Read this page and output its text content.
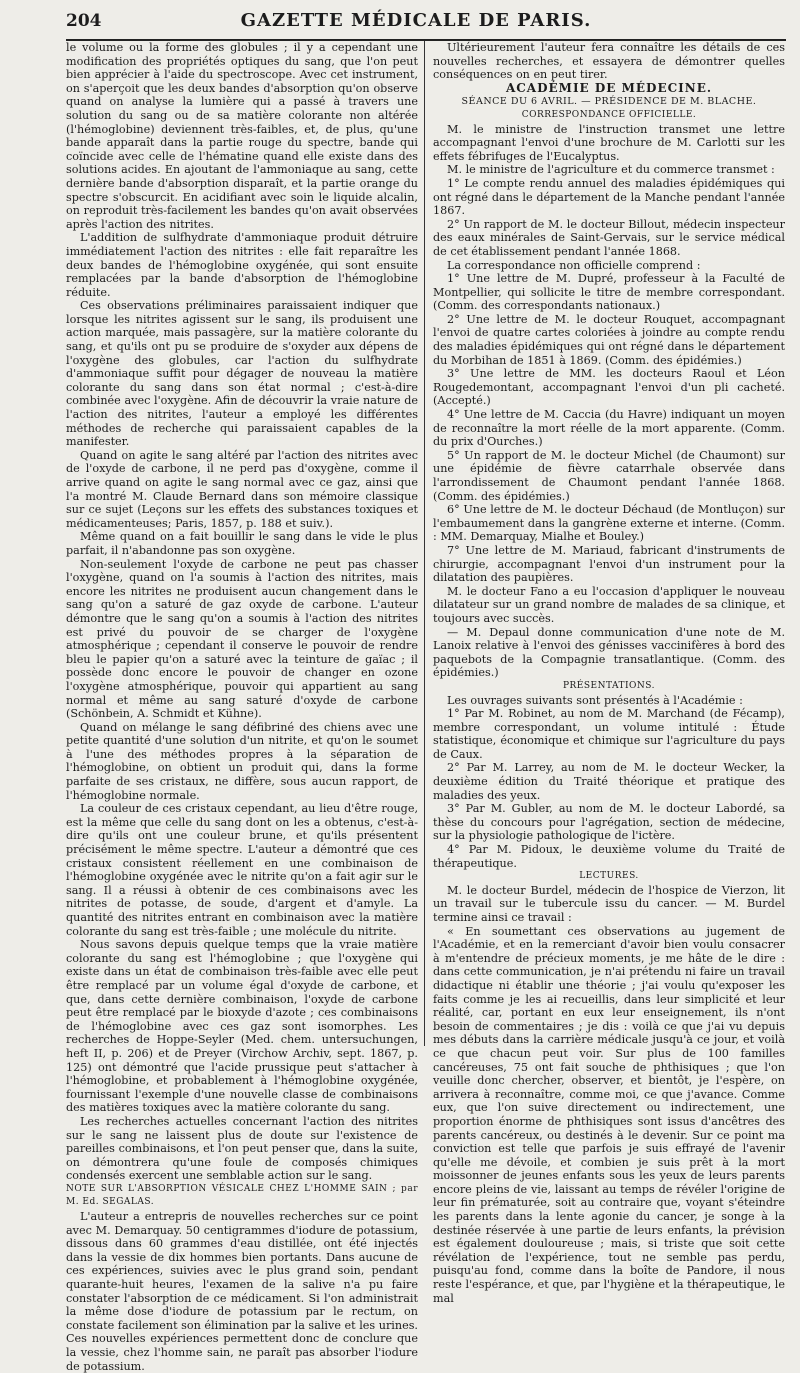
204	GAZETTE MÉDICALE DE PARIS.

le volume ou la forme des globules ; il y a cependant une modification des propriétés optiques du sang, que l'on peut bien apprécier à l'aide du spectroscope. Avec cet instrument, on s'aperçoit que les deux bandes d'absorption qu'on observe quand on analyse la lumière qui a passé à travers une solution du sang ou de sa matière colorante non altérée (l'hémoglobine) deviennent très-faibles, et, de plus, qu'une bande apparaît dans la partie rouge du spectre, bande qui coïncide avec celle de l'hématine quand elle existe dans des solutions acides. En ajoutant de l'ammoniaque au sang, cette dernière bande d'absorption disparaît, et la partie orange du spectre s'obscurcit. En acidifiant avec soin le liquide alcalin, on reproduit très-facilement les bandes qu'on avait observées après l'action des nitrites.

L'addition de sulfhydrate d'ammoniaque produit détruire immédiatement l'action des nitrites : elle fait reparaître les deux bandes de l'hémoglobine oxygénée, qui sont ensuite remplacées par la bande d'absorption de l'hémoglobine réduite.

Ces observations préliminaires paraissaient indiquer que lorsque les nitrites agissent sur le sang, ils produisent une action marquée, mais passagère, sur la matière colorante du sang, et qu'ils ont pu se produire de s'oxyder aux dépens de l'oxygène des globules, car l'action du sulfhydrate d'ammoniaque suffit pour dégager de nouveau la matière colorante du sang dans son état normal ; c'est-à-dire combinée avec l'oxygène. Afin de découvrir la vraie nature de l'action des nitrites, l'auteur a employé les différentes méthodes de recherche qui paraissaient capables de la manifester.

Quand on agite le sang altéré par l'action des nitrites avec de l'oxyde de carbone, il ne perd pas d'oxygène, comme il arrive quand on agite le sang normal avec ce gaz, ainsi que l'a montré M. Claude Bernard dans son mémoire classique sur ce sujet (Leçons sur les effets des substances toxiques et médicamenteuses; Paris, 1857, p. 188 et suiv.).

Même quand on a fait bouillir le sang dans le vide le plus parfait, il n'abandonne pas son oxygène.

Non-seulement l'oxyde de carbone ne peut pas chasser l'oxygène, quand on l'a soumis à l'action des nitrites, mais encore les nitrites ne produisent aucun changement dans le sang qu'on a saturé de gaz oxyde de carbone. L'auteur démontre que le sang qu'on a soumis à l'action des nitrites est privé du pouvoir de se charger de l'oxygène atmosphérique ; cependant il conserve le pouvoir de rendre bleu le papier qu'on a saturé avec la teinture de gaïac ; il possède donc encore le pouvoir de changer en ozone l'oxygène atmosphérique, pouvoir qui appartient au sang normal et même au sang saturé d'oxyde de carbone (Schönbein, A. Schmidt et Kühne).

Quand on mélange le sang défibriné des chiens avec une petite quantité d'une solution d'un nitrite, et qu'on le soumet à l'une des méthodes propres à la séparation de l'hémoglobine, on obtient un produit qui, dans la forme parfaite de ses cristaux, ne diffère, sous aucun rapport, de l'hémoglobine normale.

La couleur de ces cristaux cependant, au lieu d'être rouge, est la même que celle du sang dont on les a obtenus, c'est-à-dire qu'ils ont une couleur brune, et qu'ils présentent précisément le même spectre. L'auteur a démontré que ces cristaux consistent réellement en une combinaison de l'hémoglobine oxygénée avec le nitrite qu'on a fait agir sur le sang. Il a réussi à obtenir de ces combinaisons avec les nitrites de potasse, de soude, d'argent et d'amyle. La quantité des nitrites entrant en combinaison avec la matière colorante du sang est très-faible ; une molécule du nitrite.

Nous savons depuis quelque temps que la vraie matière colorante du sang est l'hémoglobine ; que l'oxygène qui existe dans un état de combinaison très-faible avec elle peut être remplacé par un volume égal d'oxyde de carbone, et que, dans cette dernière combinaison, l'oxyde de carbone peut être remplacé par le bioxyde d'azote ; ces combinaisons de l'hémoglobine avec ces gaz sont isomorphes. Les recherches de Hoppe-Seyler (Med. chem. untersuchungen, heft II, p. 206) et de Preyer (Virchow Archiv, sept. 1867, p. 125) ont démontré que l'acide prussique peut s'attacher à l'hémoglobine, et probablement à l'hémoglobine oxygénée, fournissant l'exemple d'une nouvelle classe de combinaisons des matières toxiques avec la matière colorante du sang.

Les recherches actuelles concernant l'action des nitrites sur le sang ne laissent plus de doute sur l'existence de pareilles combinaisons, et l'on peut penser que, dans la suite, on démontrera qu'une foule de composés chimiques condensés exercent une semblable action sur le sang.

NOTE SUR L'ABSORPTION VÉSICALE CHEZ L'HOMME SAIN ; par M. Ed. SEGALAS.

L'auteur a entrepris de nouvelles recherches sur ce point avec M. Demarquay. 50 centigrammes d'iodure de potassium, dissous dans 60 grammes d'eau distillée, ont été injectés dans la vessie de dix hommes bien portants. Dans aucune de ces expériences, suivies avec le plus grand soin, pendant quarante-huit heures, l'examen de la salive n'a pu faire constater l'absorption de ce médicament. Si l'on administrait la même dose d'iodure de potassium par le rectum, on constate facilement son élimination par la salive et les urines. Ces nouvelles expériences permettent donc de conclure que la vessie, chez l'homme sain, ne paraît pas absorber l'iodure de potassium.

Ultérieurement l'auteur fera connaître les détails de ces nouvelles recherches, et essayera de démontrer quelles conséquences on en peut tirer.

ACADÉMIE DE MÉDECINE.

SÉANCE DU 6 AVRIL. — PRÉSIDENCE DE M. BLACHE.

CORRESPONDANCE OFFICIELLE.

M. le ministre de l'instruction transmet une lettre accompagnant l'envoi d'une brochure de M. Carlotti sur les effets fébrifuges de l'Eucalyptus.

M. le ministre de l'agriculture et du commerce transmet :

1° Le compte rendu annuel des maladies épidémiques qui ont régné dans le département de la Manche pendant l'année 1867.

2° Un rapport de M. le docteur Billout, médecin inspecteur des eaux minérales de Saint-Gervais, sur le service médical de cet établissement pendant l'année 1868.

La correspondance non officielle comprend :

1° Une lettre de M. Dupré, professeur à la Faculté de Montpellier, qui sollicite le titre de membre correspondant. (Comm. des correspondants nationaux.)

2° Une lettre de M. le docteur Rouquet, accompagnant l'envoi de quatre cartes coloriées à joindre au compte rendu des maladies épidémiques qui ont régné dans le département du Morbihan de 1851 à 1869. (Comm. des épidémies.)

3° Une lettre de MM. les docteurs Raoul et Léon Rougedemontant, accompagnant l'envoi d'un pli cacheté. (Accepté.)

4° Une lettre de M. Caccia (du Havre) indiquant un moyen de reconnaître la mort réelle de la mort apparente. (Comm. du prix d'Ourches.)

5° Un rapport de M. le docteur Michel (de Chaumont) sur une épidémie de fièvre catarrhale observée dans l'arrondissement de Chaumont pendant l'année 1868. (Comm. des épidémies.)

6° Une lettre de M. le docteur Déchaud (de Montluçon) sur l'embaumement dans la gangrène externe et interne. (Comm. : MM. Demarquay, Mialhe et Bouley.)

7° Une lettre de M. Mariaud, fabricant d'instruments de chirurgie, accompagnant l'envoi d'un instrument pour la dilatation des paupières.

M. le docteur Fano a eu l'occasion d'appliquer le nouveau dilatateur sur un grand nombre de malades de sa clinique, et toujours avec succès.

— M. Depaul donne communication d'une note de M. Lanoix relative à l'envoi des génisses vaccinifères à bord des paquebots de la Compagnie transatlantique. (Comm. des épidémies.)

PRÉSENTATIONS.

Les ouvrages suivants sont présentés à l'Académie :

1° Par M. Robinet, au nom de M. Marchand (de Fécamp), membre correspondant, un volume intitulé : Étude statistique, économique et chimique sur l'agriculture du pays de Caux.

2° Par M. Larrey, au nom de M. le docteur Wecker, la deuxième édition du Traité théorique et pratique des maladies des yeux.

3° Par M. Gubler, au nom de M. le docteur Labordé, sa thèse du concours pour l'agrégation, section de médecine, sur la physiologie pathologique de l'ictère.

4° Par M. Pidoux, le deuxième volume du Traité de thérapeutique.

LECTURES.

M. le docteur Burdel, médecin de l'hospice de Vierzon, lit un travail sur le tubercule issu du cancer. — M. Burdel termine ainsi ce travail :

« En soumettant ces observations au jugement de l'Académie, et en la remerciant d'avoir bien voulu consacrer à m'entendre de précieux moments, je me hâte de le dire : dans cette communication, je n'ai prétendu ni faire un travail didactique ni établir une théorie ; j'ai voulu qu'exposer les faits comme je les ai recueillis, dans leur simplicité et leur réalité, car, portant en eux leur enseignement, ils n'ont besoin de commentaires ; je dis : voilà ce que j'ai vu depuis mes débuts dans la carrière médicale jusqu'à ce jour, et voilà ce que chacun peut voir. Sur plus de 100 familles cancéreuses, 75 ont fait souche de phthisiques ; que l'on veuille donc chercher, observer, et bientôt, je l'espère, on arrivera à reconnaître, comme moi, ce que j'avance. Comme eux, que l'on suive directement ou indirectement, une proportion énorme de phthisiques sont issus d'ancêtres des parents cancéreux, ou destinés à le devenir. Sur ce point ma conviction est telle que parfois je suis effrayé de l'avenir qu'elle me dévoile, et combien je suis prêt à la mort moissonner de jeunes enfants sous les yeux de leurs parents encore pleins de vie, laissant au temps de révéler l'origine de leur fin prématurée, soit au contraire que, voyant s'éteindre les parents dans la lente agonie du cancer, je songe à la destinée réservée à une partie de leurs enfants, la prévision est également douloureuse ; mais, si triste que soit cette révélation de l'expérience, tout ne semble pas perdu, puisqu'au fond, comme dans la boîte de Pandore, il nous reste l'espérance, et que, par l'hygiène et la thérapeutique, le mal
